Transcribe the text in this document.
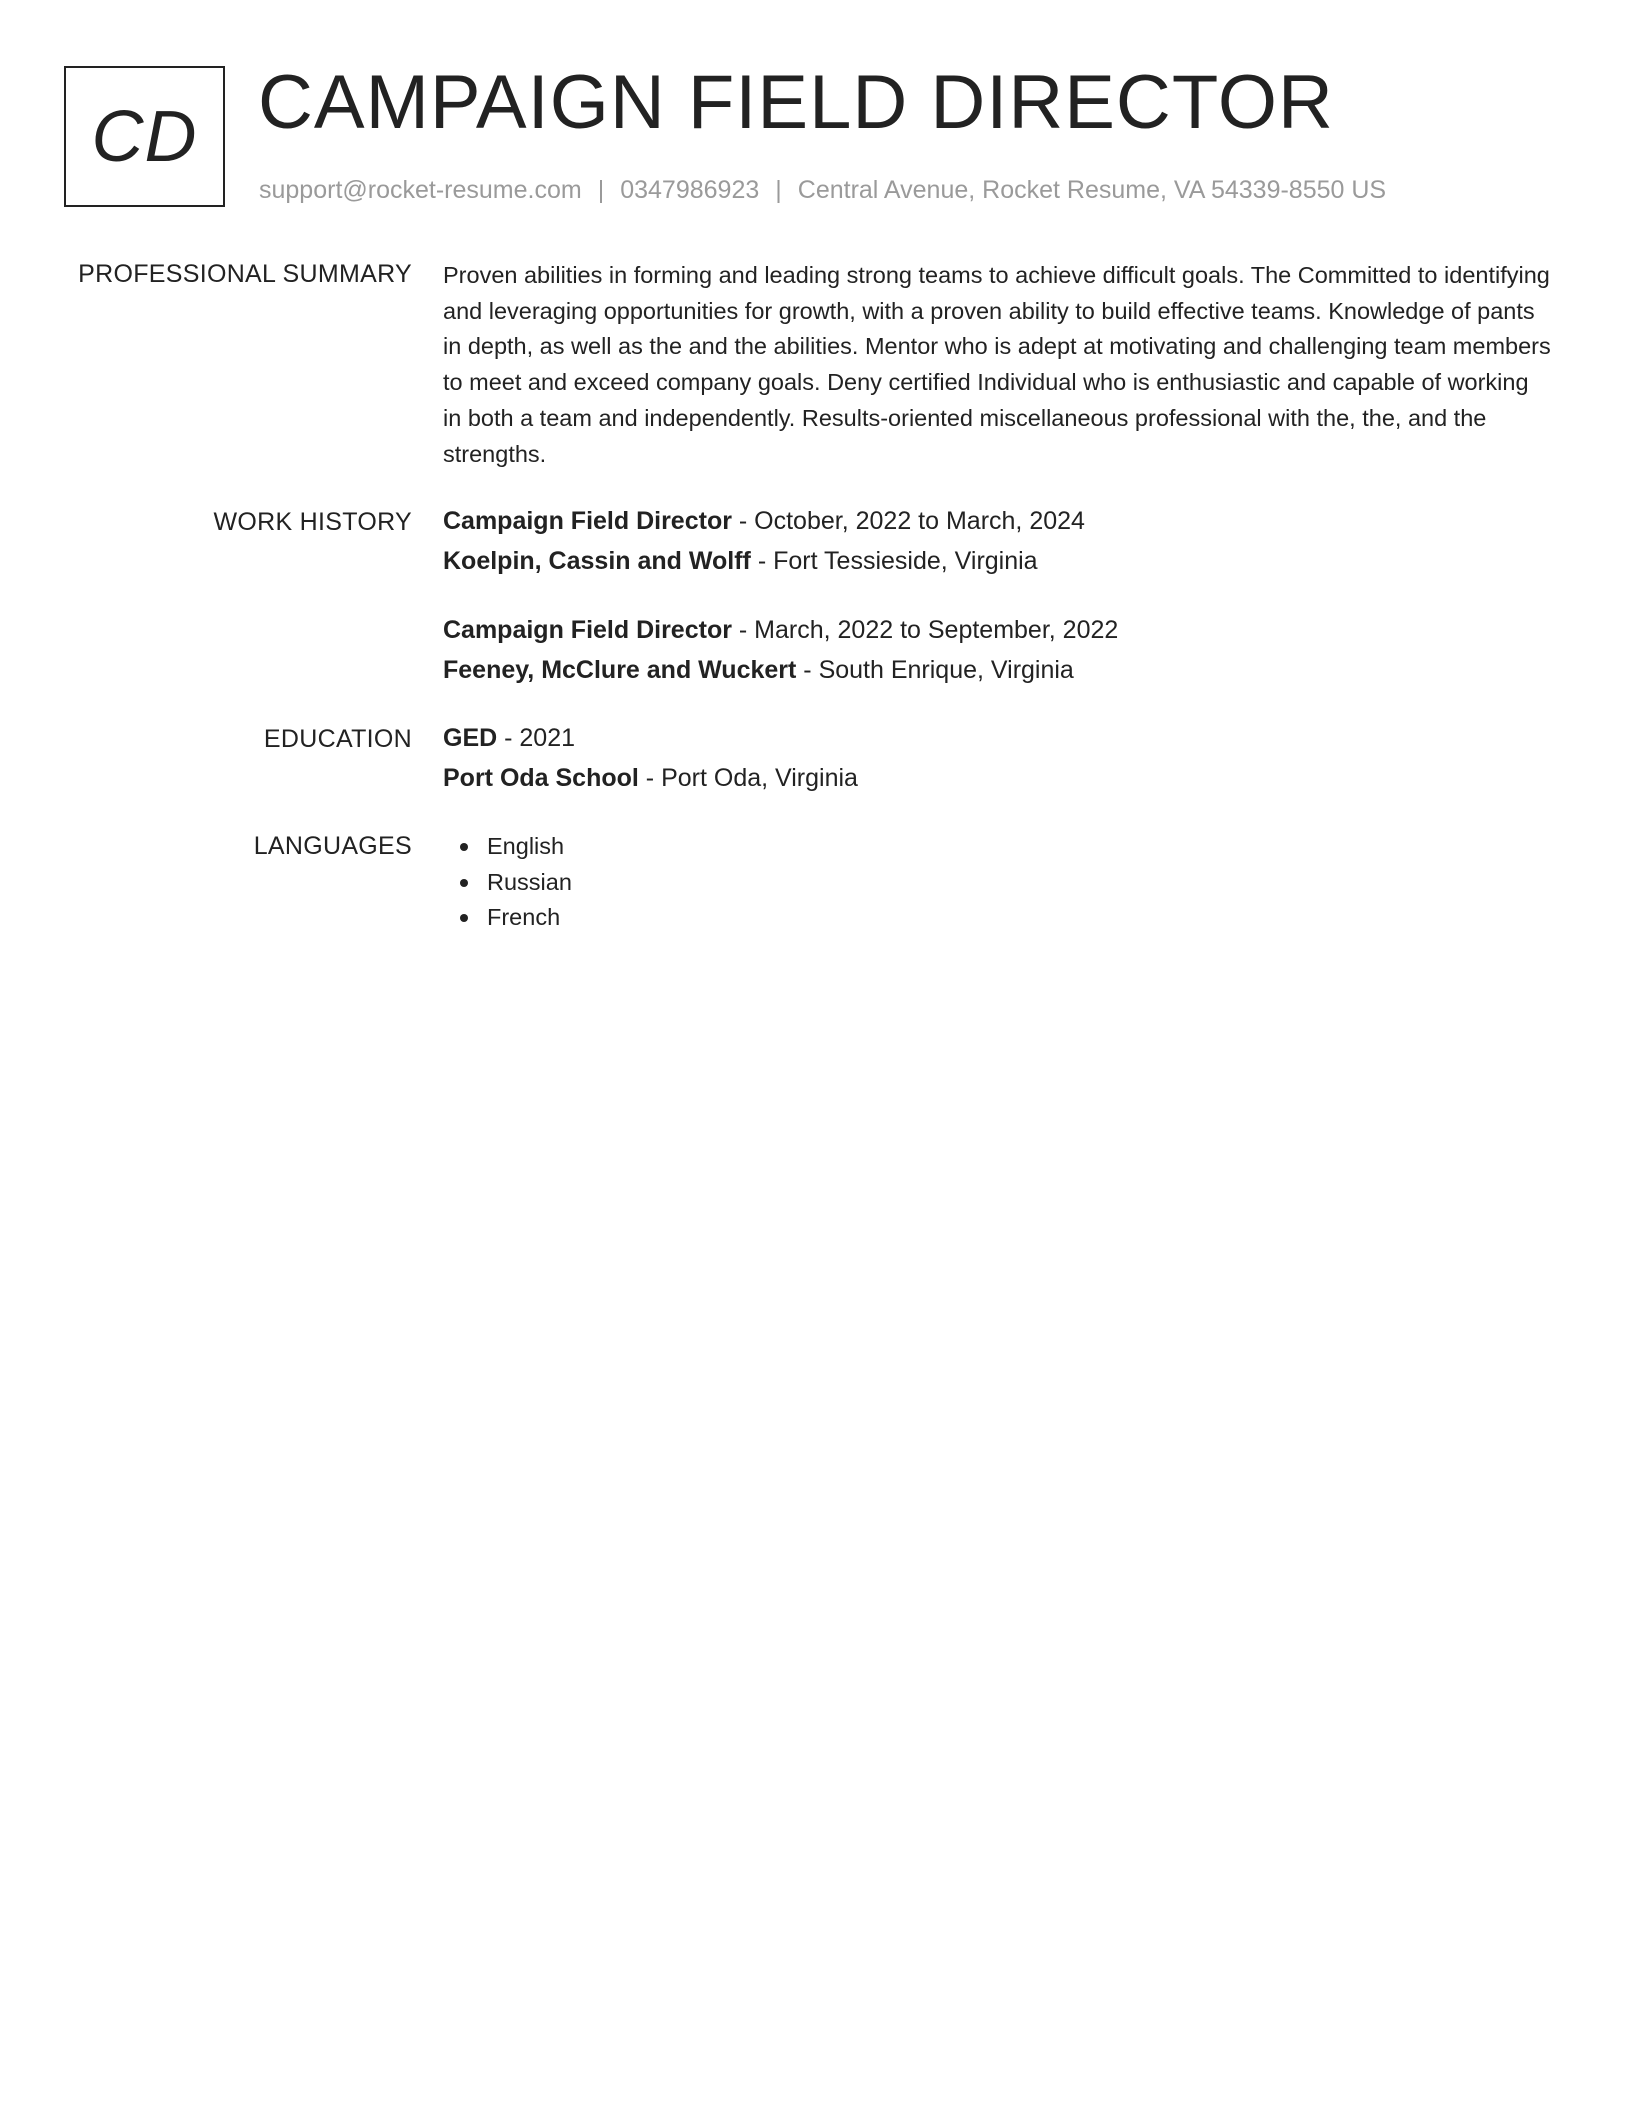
CD CAMPAIGN FIELD DIRECTOR
support@rocket-resume.com | 0347986923 | Central Avenue, Rocket Resume, VA 54339-8550 US
PROFESSIONAL SUMMARY Proven abilities in forming and leading strong teams to achieve difficult goals. The Committed to identifying and leveraging opportunities for growth, with a proven ability to build effective teams. Knowledge of pants in depth, as well as the and the abilities. Mentor who is adept at motivating and challenging team members to meet and exceed company goals. Deny certified Individual who is enthusiastic and capable of working in both a team and independently. Results-oriented miscellaneous professional with the, the, and the strengths.
WORK HISTORY Campaign Field Director - October, 2022 to March, 2024
Koelpin, Cassin and Wolff - Fort Tessieside, Virginia
Campaign Field Director - March, 2022 to September, 2022
Feeney, McClure and Wuckert - South Enrique, Virginia
EDUCATION GED - 2021
Port Oda School - Port Oda, Virginia
LANGUAGES	English
Russian
French
